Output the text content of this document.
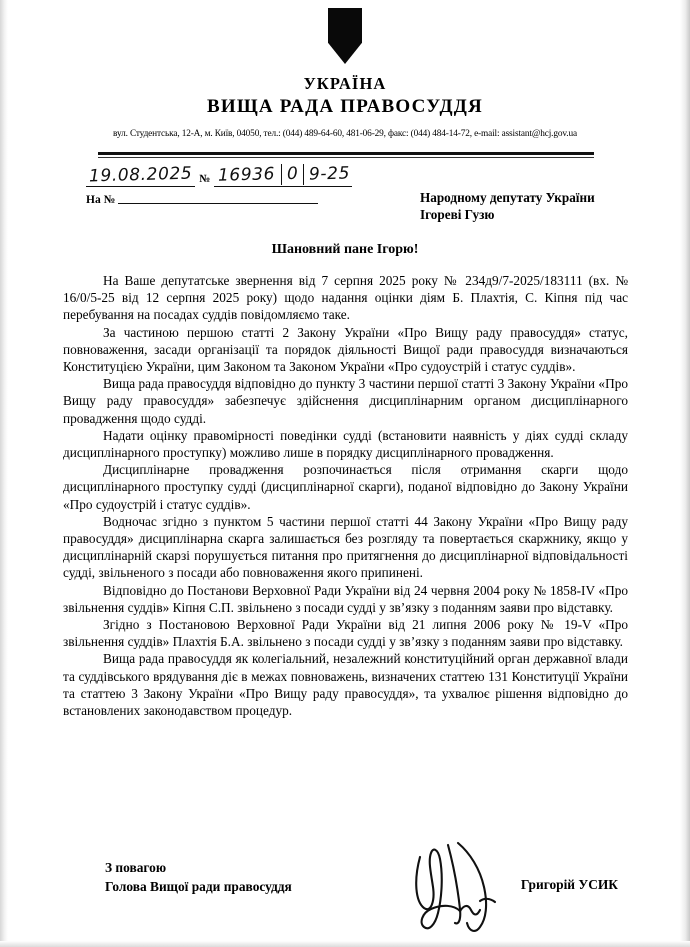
УКРАЇНА
ВИЩА РАДА ПРАВОСУДДЯ
вул. Студентська, 12-А, м. Київ, 04050, тел.: (044) 489-64-60, 481-06-29, факс: (044) 484-14-72, e-mail: assistant@hcj.gov.ua
19.08.2025 № 16936 0 9-25
На №	Народному депутату України
Ігореві Гузю
Шановний пане Ігорю!

На Ваше депутатське звернення від 7 серпня 2025 року № 234д9/7-2025/183111 (вх. № 16/0/5-25 від 12 серпня 2025 року) щодо надання оцінки діям Б. Плахтія, С. Кіпня під час перебування на посадах суддів повідомляємо таке.

За частиною першою статті 2 Закону України «Про Вищу раду правосуддя» статус, повноваження, засади організації та порядок діяльності Вищої ради правосуддя визначаються Конституцією України, цим Законом та Законом України «Про судоустрій і статус суддів».

Вища рада правосуддя відповідно до пункту 3 частини першої статті 3 Закону України «Про Вищу раду правосуддя» забезпечує здійснення дисциплінарним органом дисциплінарного провадження щодо судді.

Надати оцінку правомірності поведінки судді (встановити наявність у діях судді складу дисциплінарного проступку) можливо лише в порядку дисциплінарного провадження.

Дисциплінарне провадження розпочинається після отримання скарги щодо дисциплінарного проступку судді (дисциплінарної скарги), поданої відповідно до Закону України «Про судоустрій і статус суддів».

Водночас згідно з пунктом 5 частини першої статті 44 Закону України «Про Вищу раду правосуддя» дисциплінарна скарга залишається без розгляду та повертається скаржнику, якщо у дисциплінарній скарзі порушується питання про притягнення до дисциплінарної відповідальності судді, звільненого з посади або повноваження якого припинені.

Відповідно до Постанови Верховної Ради України від 24 червня 2004 року № 1858-IV «Про звільнення суддів» Кіпня С.П. звільнено з посади судді у зв’язку з поданням заяви про відставку.

Згідно з Постановою Верховної Ради України від 21 липня 2006 року № 19-V «Про звільнення суддів» Плахтія Б.А. звільнено з посади судді у зв’язку з поданням заяви про відставку.

Вища рада правосуддя як колегіальний, незалежний конституційний орган державної влади та суддівського врядування діє в межах повноважень, визначених статтею 131 Конституції України та статтею 3 Закону України «Про Вищу раду правосуддя», та ухвалює рішення відповідно до встановлених законодавством процедур.

З повагою
Голова Вищої ради правосуддя	Григорій УСИК
